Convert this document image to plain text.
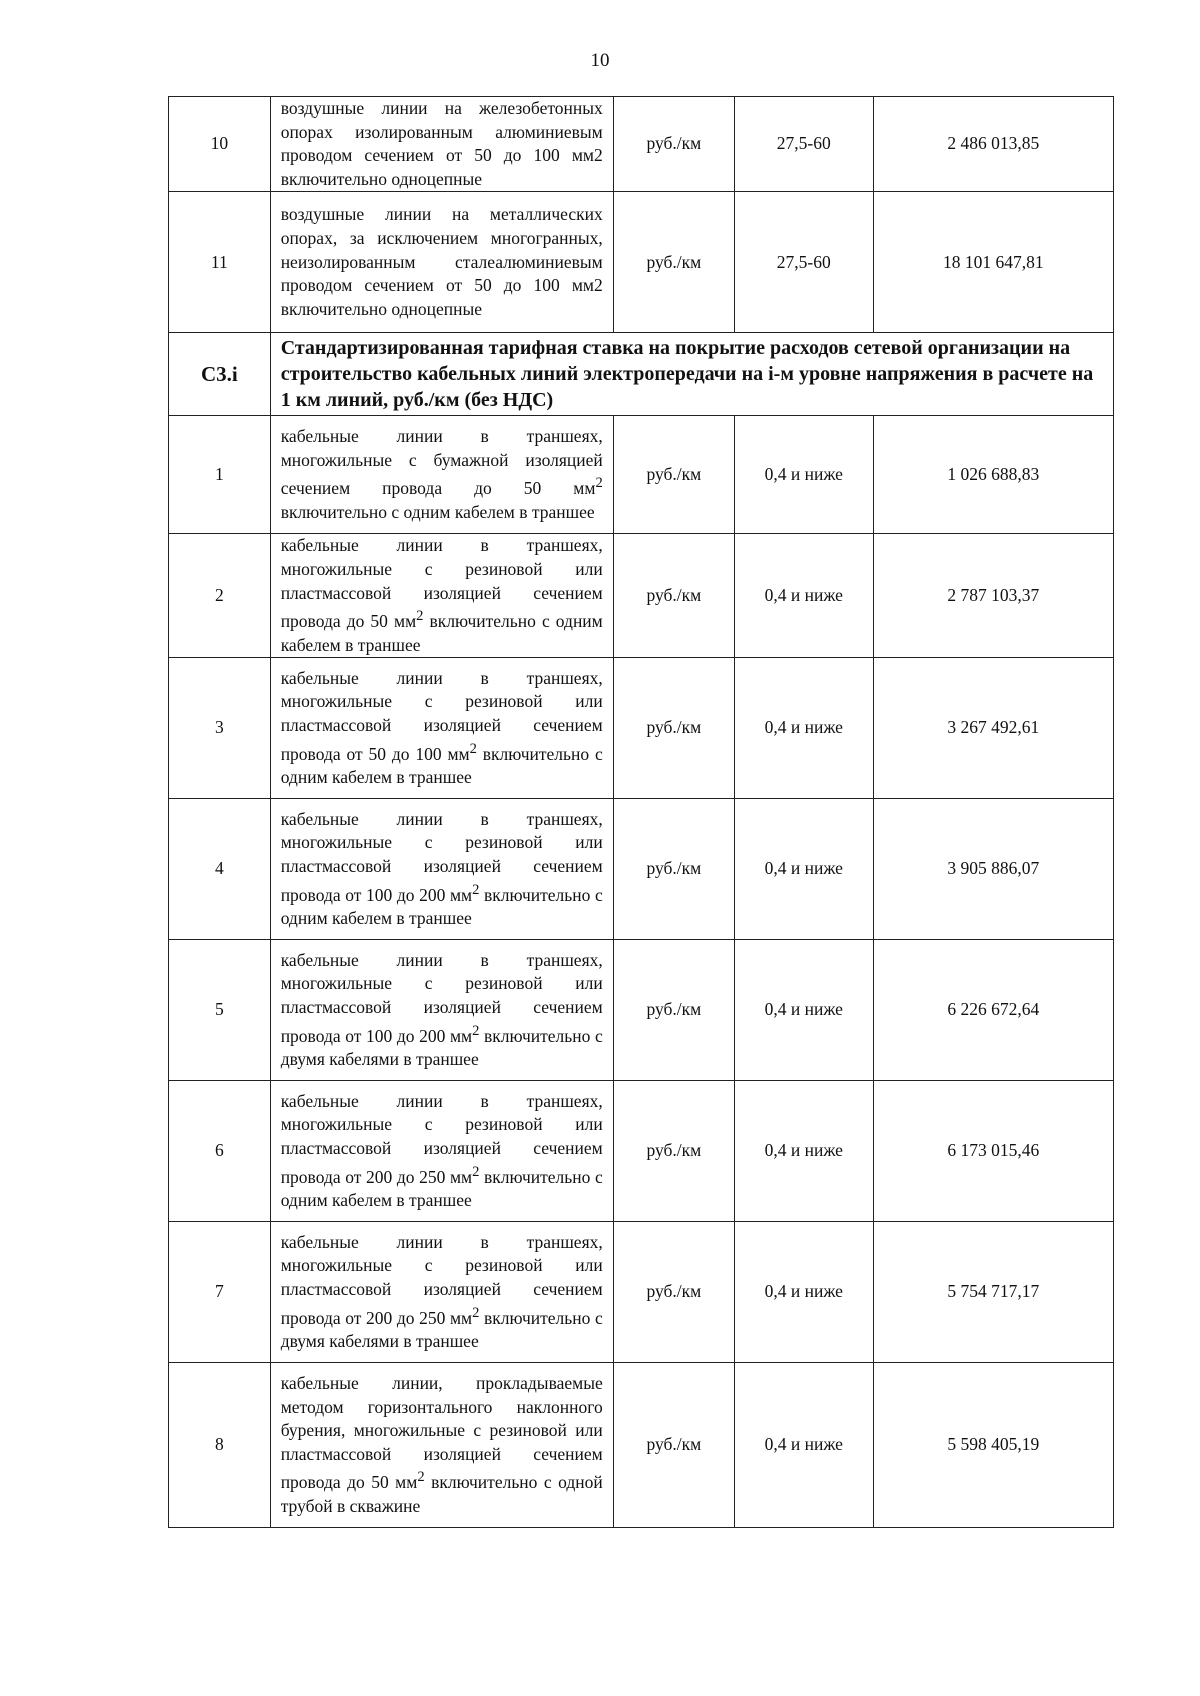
10
10	воздушные линии на железобетонных опорах изолированным алюминиевым проводом сечением от 50 до 100 мм2 включительно одноцепные	руб./км	27,5-60	2 486 013,85
11	воздушные линии на металлических опорах, за исключением многогранных, неизолированным сталеалюминиевым проводом сечением от 50 до 100 мм2 включительно одноцепные	руб./км	27,5-60	18 101 647,81
С3.i	Стандартизированная тарифная ставка на покрытие расходов сетевой организации на строительство кабельных линий электропередачи на i-м уровне напряжения в расчете на 1 км линий, руб./км (без НДС)			

1	кабельные линии в траншеях, многожильные с бумажной изоляцией сечением провода до 50 $мм^2$ включительно с одним кабелем в траншее	руб./км	0,4 и ниже	1 026 688,83
2	кабельные линии в траншеях, многожильные с резиновой или пластмассовой изоляцией сечением провода до 50 $мм^2$ включительно с одним кабелем в траншее	руб./км	0,4 и ниже	2 787 103,37
3	кабельные линии в траншеях, многожильные с резиновой или пластмассовой изоляцией сечением провода от 50 до 100 $мм^2$ включительно с одним кабелем в траншее	руб./км	0,4 и ниже	3 267 492,61
4	кабельные линии в траншеях, многожильные с резиновой или пластмассовой изоляцией сечением провода от 100 до 200 $мм^2$ включительно с одним кабелем в траншее	руб./км	0,4 и ниже	3 905 886,07
5	кабельные линии в траншеях, многожильные с резиновой или пластмассовой изоляцией сечением провода от 100 до 200 $мм^2$ включительно с двумя кабелями в траншее	руб./км	0,4 и ниже	6 226 672,64
6	кабельные линии в траншеях, многожильные с резиновой или пластмассовой изоляцией сечением провода от 200 до 250 $мм^2$ включительно с одним кабелем в траншее	руб./км	0,4 и ниже	6 173 015,46
7	кабельные линии в траншеях, многожильные с резиновой или пластмассовой изоляцией сечением провода от 200 до 250 $мм^2$ включительно с двумя кабелями в траншее	руб./км	0,4 и ниже	5 754 717,17
8	кабельные линии, прокладываемые методом горизонтального наклонного бурения, многожильные с резиновой или пластмассовой изоляцией сечением провода до 50 $мм^2$ включительно с одной трубой в скважине	руб./км	0,4 и ниже	5 598 405,19
